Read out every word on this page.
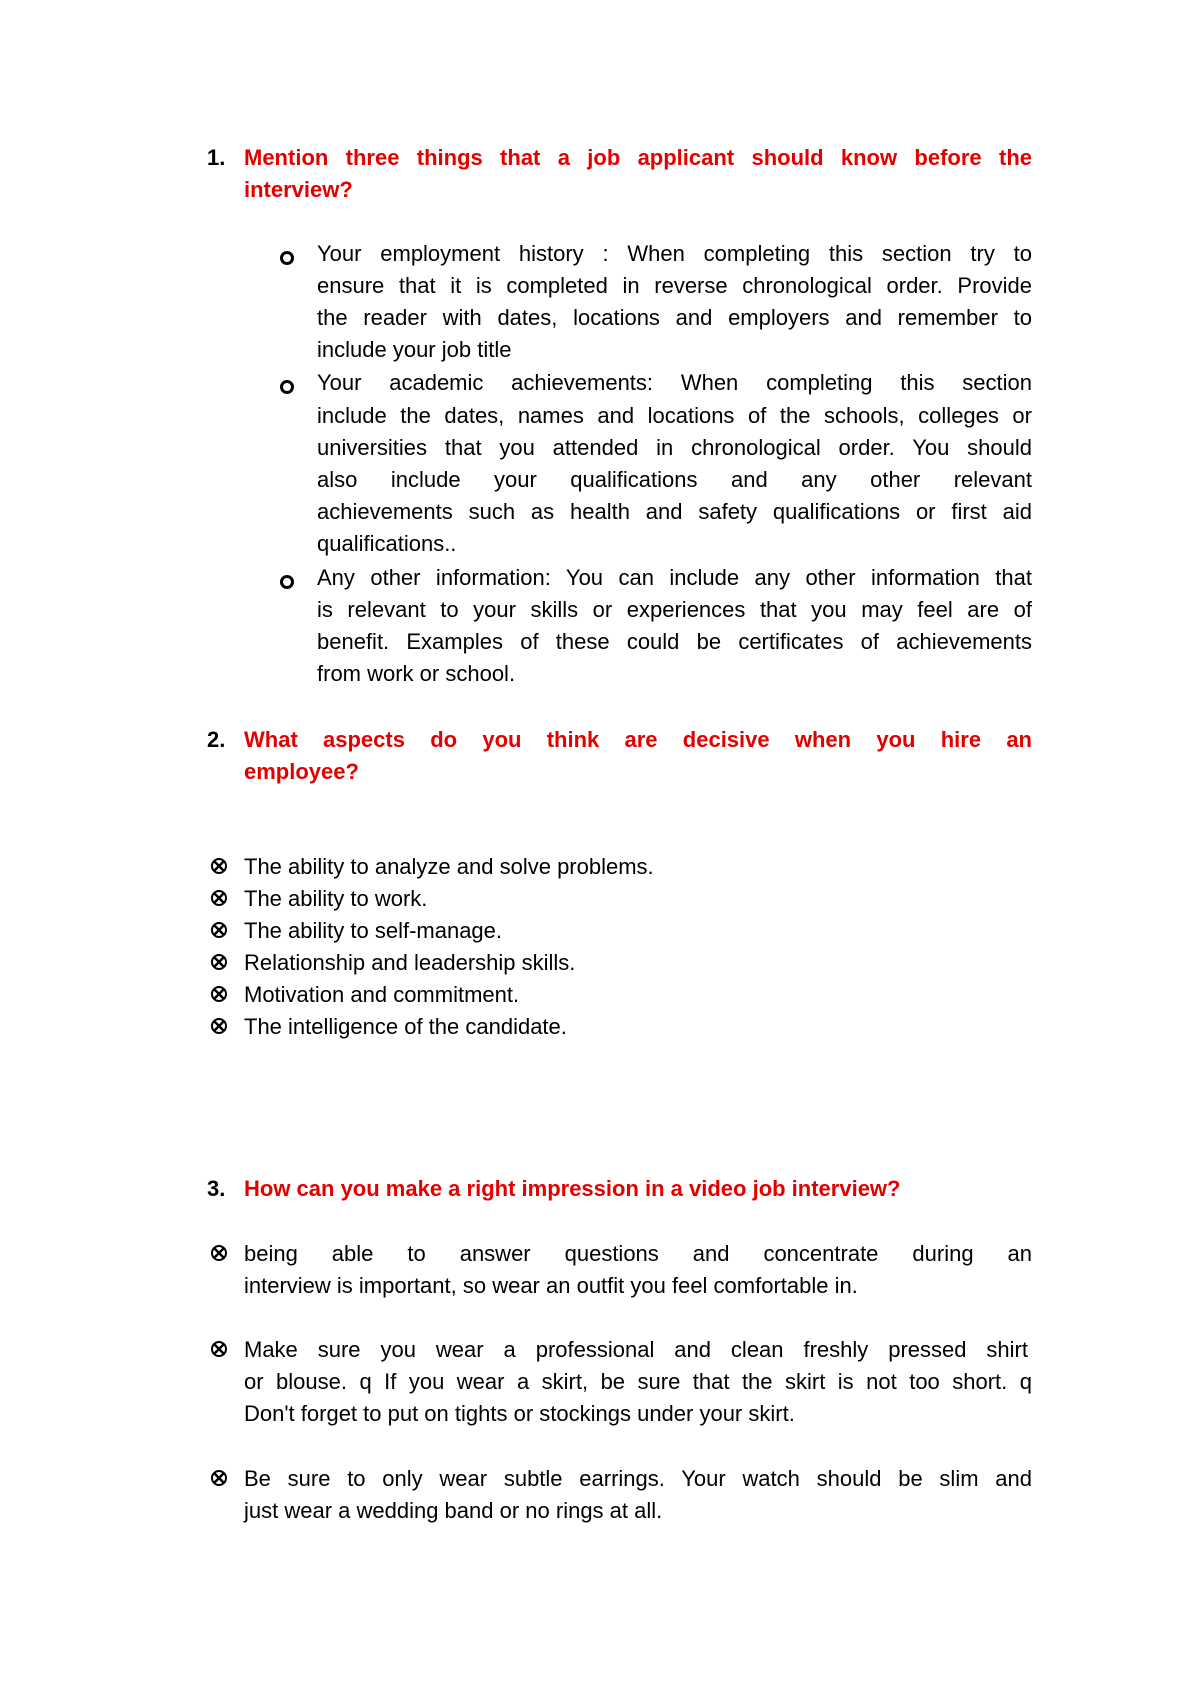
1. Mention three things that a job applicant should know before the
interview?
Your employment history : When completing this section try to
ensure that it is completed in reverse chronological order. Provide
the reader with dates, locations and employers and remember to
include your job title
Your academic achievements: When completing this section
include the dates, names and locations of the schools, colleges or
universities that you attended in chronological order. You should
also include your qualifications and any other relevant
achievements such as health and safety qualifications or first aid
qualifications..
Any other information: You can include any other information that
is relevant to your skills or experiences that you may feel are of
benefit. Examples of these could be certificates of achievements
from work or school.
2. What aspects do you think are decisive when you hire an
employee?
The ability to analyze and solve problems.
The ability to work.
The ability to self-manage.
Relationship and leadership skills.
Motivation and commitment.
The intelligence of the candidate.
3. How can you make a right impression in a video job interview?
being able to answer questions and concentrate during an
interview is important, so wear an outfit you feel comfortable in.
Make sure you wear a professional and clean freshly pressed shirt
or blouse. q If you wear a skirt, be sure that the skirt is not too short. q
Don't forget to put on tights or stockings under your skirt.
Be sure to only wear subtle earrings. Your watch should be slim and
just wear a wedding band or no rings at all.
